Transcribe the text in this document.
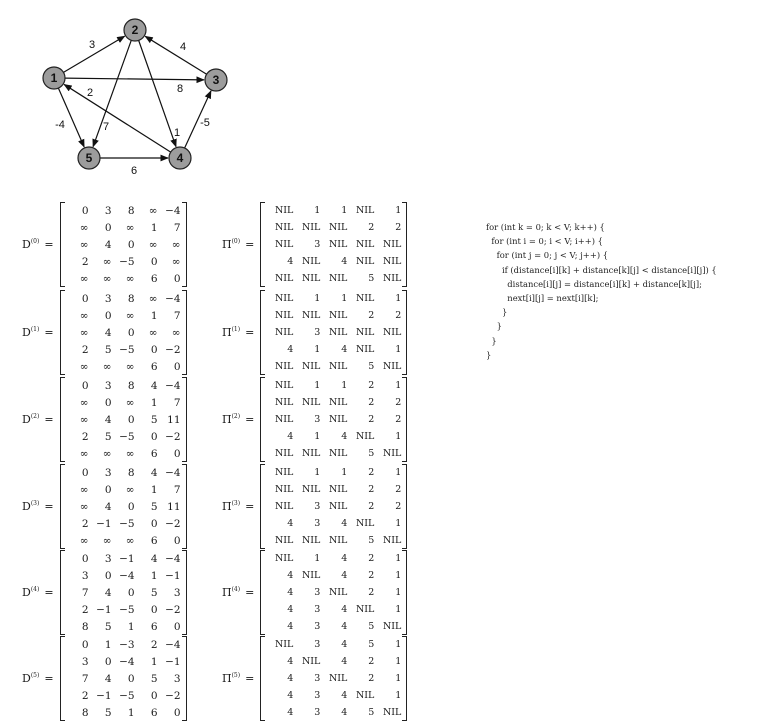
3	4
8
2
-4	7	1
-5
6
1
2
3
4
5
$D^{(0)}$ =
0	3	8	∞ −4
∞	0	∞	1	7
∞	4	0	∞	∞
2	∞ −5	0	∞
∞	∞	∞	6	0
$\Pi^{(0)}$ =
NIL	1	1 NIL	1
NIL NIL NIL	2	2
NIL	3 NIL NIL NIL
4 NIL	4 NIL NIL
NIL NIL NIL	5 NIL
$D^{(1)}$ =
0	3	8	∞ −4
∞	0	∞	1	7
∞	4	0	∞	∞
2	5 −5	0 −2
∞	∞	∞	6	0
$\Pi^{(1)}$ =
NIL	1	1 NIL	1
NIL NIL NIL	2	2
NIL	3 NIL NIL NIL
4	1	4 NIL	1
NIL NIL NIL	5 NIL
$D^{(2)}$ =
0	3	8	4 −4
∞	0	∞	1	7
∞	4	0	5 11
2	5 −5	0 −2
∞	∞	∞	6	0
$\Pi^{(2)}$ =
NIL	1	1	2	1
NIL NIL NIL	2	2
NIL	3 NIL	2	2
4	1	4 NIL	1
NIL NIL NIL	5 NIL
$D^{(3)}$ =
0	3	8	4 −4
∞	0	∞	1	7
∞	4	0	5 11
2 −1 −5	0 −2
∞	∞	∞	6	0
$\Pi^{(3)}$ =
NIL	1	1	2	1
NIL NIL NIL	2	2
NIL	3 NIL	2	2
4	3	4 NIL	1
NIL NIL NIL	5 NIL
$D^{(4)}$ =
0	3 −1	4 −4
3	0 −4	1 −1
7	4	0	5	3
2 −1 −5	0 −2
8	5	1	6	0
$\Pi^{(4)}$ =
NIL	1	4	2	1
4 NIL	4	2	1
4	3 NIL	2	1
4	3	4 NIL	1
4	3	4	5 NIL
$D^{(5)}$ =
0	1 −3	2 −4
3	0 −4	1 −1
7	4	0	5	3
2 −1 −5	0 −2
8	5	1	6	0
$\Pi^{(5)}$ =
NIL	3	4	5	1
4 NIL	4	2	1
4	3 NIL	2	1
4	3	4 NIL	1
4	3	4	5 NIL
for (int k = 0; k < V; k++) {
for (int i = 0; i < V; i++) {
for (int j = 0; j < V; j++) {
if (distance[i][k] + distance[k][j] < distance[i][j]) {
distance[i][j] = distance[i][k] + distance[k][j];
next[i][j] = next[i][k];
}
}
}
}
